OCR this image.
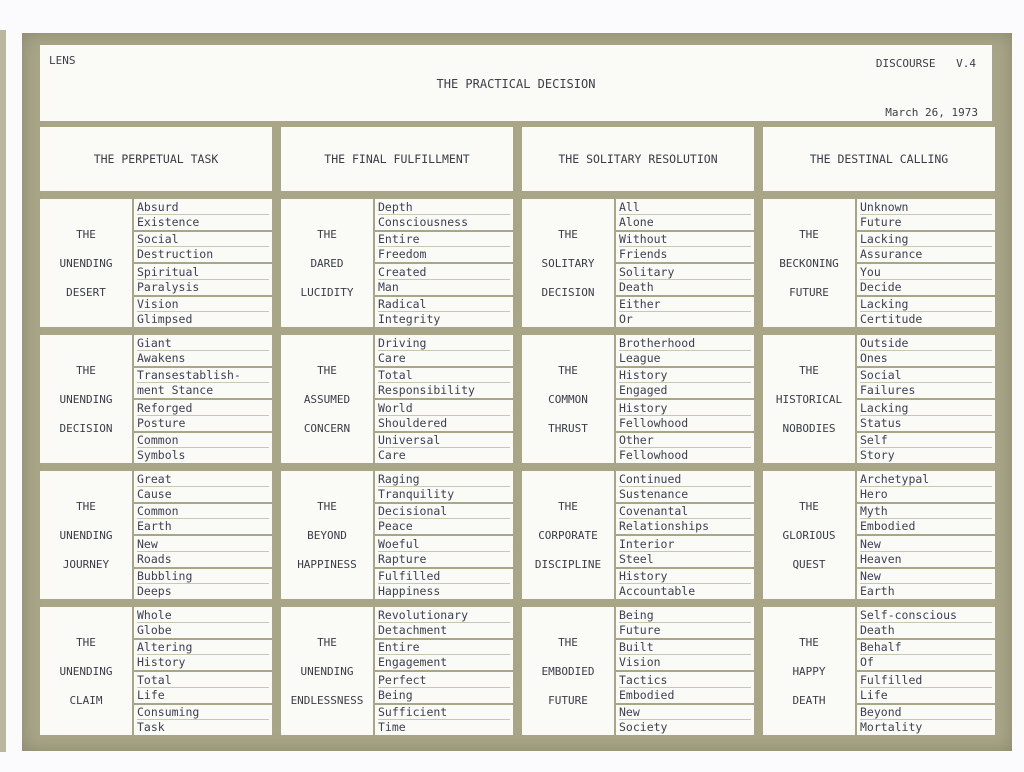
LENS
THE PRACTICAL DECISION
DISCOURSE V.4
March 26, 1973
THE PERPETUAL TASK
THE
UNENDING
DESERT
Absurd
Existence
Social
Destruction
Spiritual
Paralysis
Vision
Glimpsed
THE
UNENDING
DECISION
Giant
Awakens
Transestablish-
ment Stance
Reforged
Posture
Common
Symbols
THE
UNENDING
JOURNEY
Great
Cause
Common
Earth
New
Roads
Bubbling
Deeps
THE
UNENDING
CLAIM
Whole
Globe
Altering
History
Total
Life
Consuming
Task
THE FINAL FULFILLMENT
THE
DARED
LUCIDITY
Depth
Consciousness
Entire
Freedom
Created
Man
Radical
Integrity
THE
ASSUMED
CONCERN
Driving
Care
Total
Responsibility
World
Shouldered
Universal
Care
THE
BEYOND
HAPPINESS
Raging
Tranquility
Decisional
Peace
Woeful
Rapture
Fulfilled
Happiness
THE
UNENDING
ENDLESSNESS
Revolutionary
Detachment
Entire
Engagement
Perfect
Being
Sufficient
Time
THE SOLITARY RESOLUTION
THE
SOLITARY
DECISION
All
Alone
Without
Friends
Solitary
Death
Either
Or
THE
COMMON
THRUST
Brotherhood
League
History
Engaged
History
Fellowhood
Other
Fellowhood
THE
CORPORATE
DISCIPLINE
Continued
Sustenance
Covenantal
Relationships
Interior
Steel
History
Accountable
THE
EMBODIED
FUTURE
Being
Future
Built
Vision
Tactics
Embodied
New
Society
THE DESTINAL CALLING
THE
BECKONING
FUTURE
Unknown
Future
Lacking
Assurance
You
Decide
Lacking
Certitude
THE
HISTORICAL
NOBODIES
Outside
Ones
Social
Failures
Lacking
Status
Self
Story
THE
GLORIOUS
QUEST
Archetypal
Hero
Myth
Embodied
New
Heaven
New
Earth
THE
HAPPY
DEATH
Self-conscious
Death
Behalf
Of
Fulfilled
Life
Beyond
Mortality
